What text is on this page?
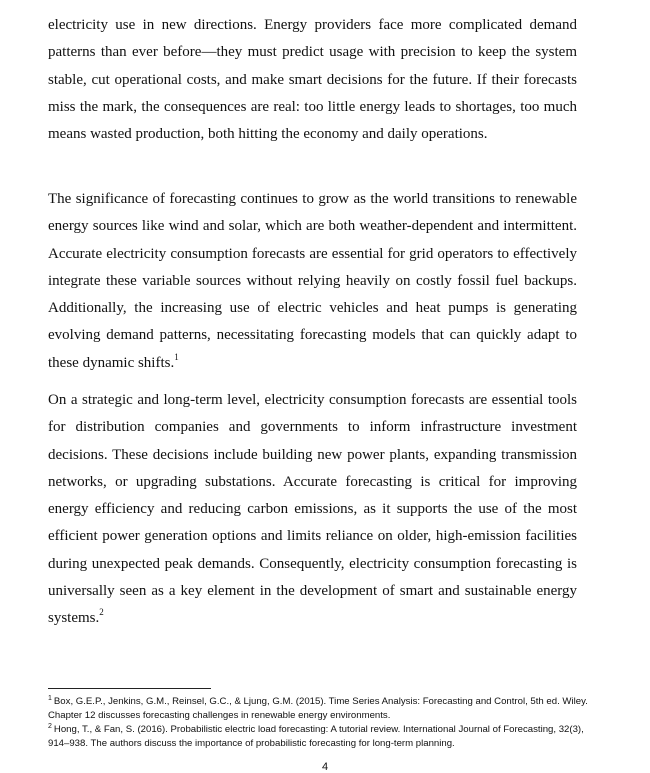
electricity use in new directions. Energy providers face more complicated demand patterns than ever before—they must predict usage with precision to keep the system stable, cut operational costs, and make smart decisions for the future. If their forecasts miss the mark, the consequences are real: too little energy leads to shortages, too much means wasted production, both hitting the economy and daily operations.

The significance of forecasting continues to grow as the world transitions to renewable energy sources like wind and solar, which are both weather-dependent and intermittent. Accurate electricity consumption forecasts are essential for grid operators to effectively integrate these variable sources without relying heavily on costly fossil fuel backups. Additionally, the increasing use of electric vehicles and heat pumps is generating evolving demand patterns, necessitating forecasting models that can quickly adapt to these dynamic shifts.$^1$

On a strategic and long-term level, electricity consumption forecasts are essential tools for distribution companies and governments to inform infrastructure investment decisions. These decisions include building new power plants, expanding transmission networks, or upgrading substations. Accurate forecasting is critical for improving energy efficiency and reducing carbon emissions, as it supports the use of the most efficient power generation options and limits reliance on older, high-emission facilities during unexpected peak demands. Consequently, electricity consumption forecasting is universally seen as a key element in the development of smart and sustainable energy systems.$^2$

$^1$ Box, G.E.P., Jenkins, G.M., Reinsel, G.C., & Ljung, G.M. (2015). Time Series Analysis: Forecasting and Control, 5th ed. Wiley. Chapter 12 discusses forecasting challenges in renewable energy environments.

$^2$ Hong, T., & Fan, S. (2016). Probabilistic electric load forecasting: A tutorial review. International Journal of Forecasting, 32(3), 914–938. The authors discuss the importance of probabilistic forecasting for long-term planning.

4
